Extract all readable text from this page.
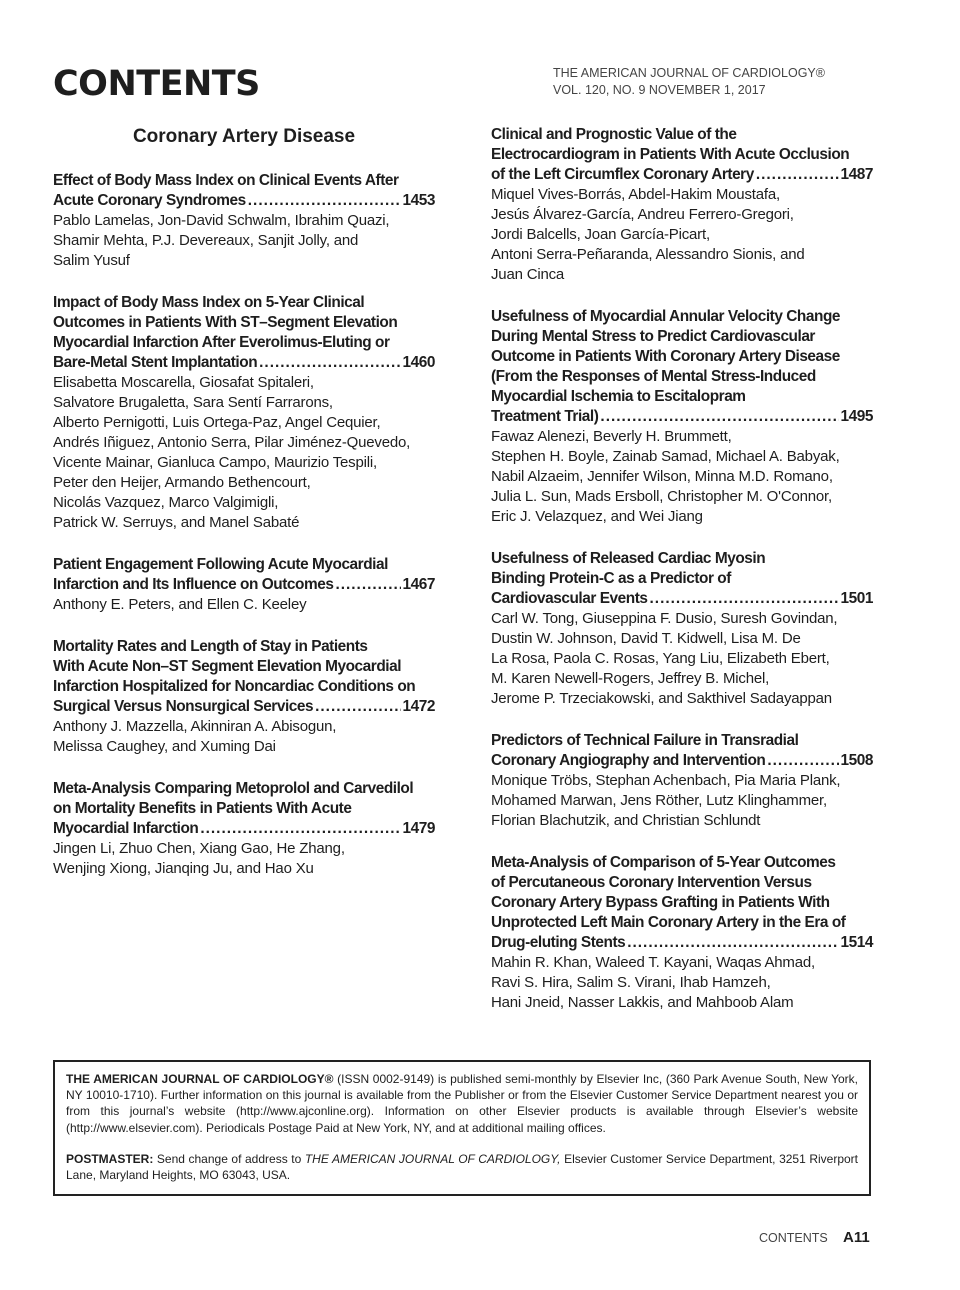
CONTENTS	THE AMERICAN JOURNAL OF CARDIOLOGY®
VOL. 120, NO. 9 NOVEMBER 1, 2017
Coronary Artery Disease
Effect of Body Mass Index on Clinical Events After
Acute Coronary Syndromes .....	1453
Pablo Lamelas, Jon-David Schwalm, Ibrahim Quazi,
Shamir Mehta, P.J. Devereaux, Sanjit Jolly, and
Salim Yusuf
Impact of Body Mass Index on 5-Year Clinical
Outcomes in Patients With ST–Segment Elevation
Myocardial Infarction After Everolimus-Eluting or
Bare-Metal Stent Implantation .....	1460
Elisabetta Moscarella, Giosafat Spitaleri,
Salvatore Brugaletta, Sara Sentí Farrarons,
Alberto Pernigotti, Luis Ortega-Paz, Angel Cequier,
Andrés Iñiguez, Antonio Serra, Pilar Jiménez-Quevedo,
Vicente Mainar, Gianluca Campo, Maurizio Tespili,
Peter den Heijer, Armando Bethencourt,
Nicolás Vazquez, Marco Valgimigli,
Patrick W. Serruys, and Manel Sabaté
Patient Engagement Following Acute Myocardial
Infarction and Its Influence on Outcomes .....	1467
Anthony E. Peters, and Ellen C. Keeley
Mortality Rates and Length of Stay in Patients
With Acute Non–ST Segment Elevation Myocardial
Infarction Hospitalized for Noncardiac Conditions on
Surgical Versus Nonsurgical Services .....	1472
Anthony J. Mazzella, Akinniran A. Abisogun,
Melissa Caughey, and Xuming Dai
Meta-Analysis Comparing Metoprolol and Carvedilol
on Mortality Benefits in Patients With Acute
Myocardial Infarction .....	1479
Jingen Li, Zhuo Chen, Xiang Gao, He Zhang,
Wenjing Xiong, Jianqing Ju, and Hao Xu
Clinical and Prognostic Value of the
Electrocardiogram in Patients With Acute Occlusion
of the Left Circumflex Coronary Artery .....	1487
Miquel Vives-Borrás, Abdel-Hakim Moustafa,
Jesús Álvarez-García, Andreu Ferrero-Gregori,
Jordi Balcells, Joan García-Picart,
Antoni Serra-Peñaranda, Alessandro Sionis, and
Juan Cinca
Usefulness of Myocardial Annular Velocity Change
During Mental Stress to Predict Cardiovascular
Outcome in Patients With Coronary Artery Disease
(From the Responses of Mental Stress-Induced
Myocardial Ischemia to Escitalopram
Treatment Trial) .....	1495
Fawaz Alenezi, Beverly H. Brummett,
Stephen H. Boyle, Zainab Samad, Michael A. Babyak,
Nabil Alzaeim, Jennifer Wilson, Minna M.D. Romano,
Julia L. Sun, Mads Ersboll, Christopher M. O'Connor,
Eric J. Velazquez, and Wei Jiang
Usefulness of Released Cardiac Myosin
Binding Protein-C as a Predictor of
Cardiovascular Events .....	1501
Carl W. Tong, Giuseppina F. Dusio, Suresh Govindan,
Dustin W. Johnson, David T. Kidwell, Lisa M. De
La Rosa, Paola C. Rosas, Yang Liu, Elizabeth Ebert,
M. Karen Newell-Rogers, Jeffrey B. Michel,
Jerome P. Trzeciakowski, and Sakthivel Sadayappan
Predictors of Technical Failure in Transradial
Coronary Angiography and Intervention .....	1508
Monique Tröbs, Stephan Achenbach, Pia Maria Plank,
Mohamed Marwan, Jens Röther, Lutz Klinghammer,
Florian Blachutzik, and Christian Schlundt
Meta-Analysis of Comparison of 5-Year Outcomes
of Percutaneous Coronary Intervention Versus
Coronary Artery Bypass Grafting in Patients With
Unprotected Left Main Coronary Artery in the Era of
Drug-eluting Stents .....	1514
Mahin R. Khan, Waleed T. Kayani, Waqas Ahmad,
Ravi S. Hira, Salim S. Virani, Ihab Hamzeh,
Hani Jneid, Nasser Lakkis, and Mahboob Alam

THE AMERICAN JOURNAL OF CARDIOLOGY® (ISSN 0002-9149) is published semi-monthly by Elsevier Inc, (360 Park Avenue South, New York, NY 10010-1710). Further information on this journal is available from the Publisher or from the Elsevier Customer Service Department nearest you or from this journal’s website (http://www.ajconline.org). Information on other Elsevier products is available through Elsevier’s website (http://www.elsevier.com). Periodicals Postage Paid at New York, NY, and at additional mailing offices.

POSTMASTER: Send change of address to THE AMERICAN JOURNAL OF CARDIOLOGY, Elsevier Customer Service Department, 3251 Riverport Lane, Maryland Heights, MO 63043, USA.

CONTENTS A11
